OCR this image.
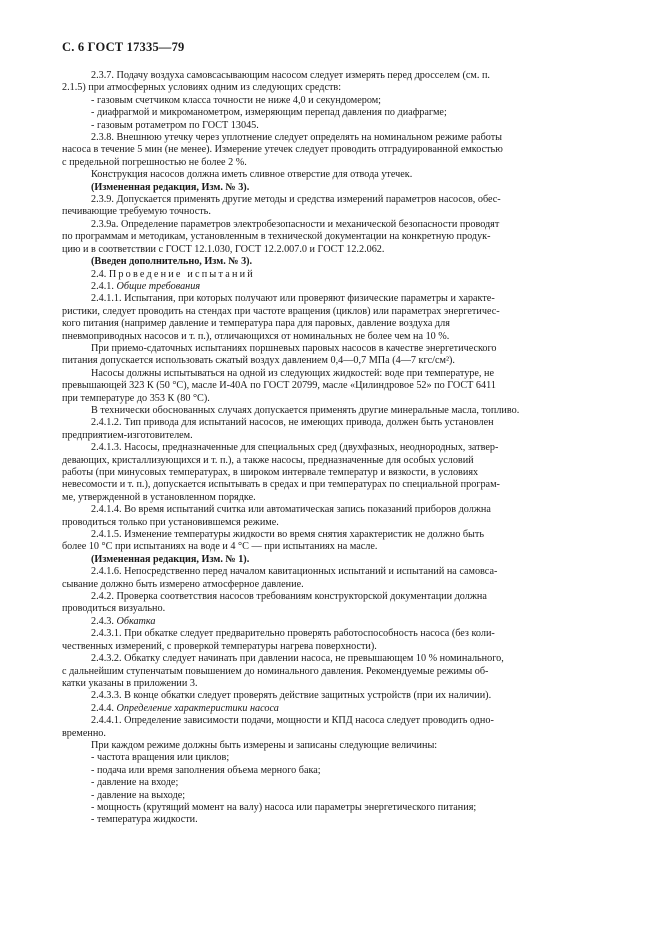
С. 6 ГОСТ 17335—79

2.3.7. Подачу воздуха самовсасывающим насосом следует измерять перед дросселем (см. п.
2.1.5) при атмосферных условиях одним из следующих средств:

- газовым счетчиком класса точности не ниже 4,0 и секундомером;

- диафрагмой и микроманометром, измеряющим перепад давления по диафрагме;

- газовым ротаметром по ГОСТ 13045.

2.3.8. Внешнюю утечку через уплотнение следует определять на номинальном режиме работы
насоса в течение 5 мин (не менее). Измерение утечек следует проводить отградуированной емкостью
с предельной погрешностью не более 2 %.

Конструкция насосов должна иметь сливное отверстие для отвода утечек.

(Измененная редакция, Изм. № 3).

2.3.9. Допускается применять другие методы и средства измерений параметров насосов, обес-
печивающие требуемую точность.

2.3.9а. Определение параметров электробезопасности и механической безопасности проводят
по программам и методикам, установленным в технической документации на конкретную продук-
цию и в соответствии с ГОСТ 12.1.030, ГОСТ 12.2.007.0 и ГОСТ 12.2.062.

(Введен дополнительно, Изм. № 3).

2.4. Проведение испытаний

2.4.1. Общие требования

2.4.1.1. Испытания, при которых получают или проверяют физические параметры и характе-
ристики, следует проводить на стендах при частоте вращения (циклов) или параметрах энергетичес-
кого питания (например давление и температура пара для паровых, давление воздуха для
пневмоприводных насосов и т. п.), отличающихся от номинальных не более чем на 10 %.

При приемо-сдаточных испытаниях поршневых паровых насосов в качестве энергетического
питания допускается использовать сжатый воздух давлением 0,4—0,7 МПа (4—7 кгс/см²).

Насосы должны испытываться на одной из следующих жидкостей: воде при температуре, не
превышающей 323 К (50 °С), масле И-40А по ГОСТ 20799, масле «Цилиндровое 52» по ГОСТ 6411
при температуре до 353 К (80 °С).

В технически обоснованных случаях допускается применять другие минеральные масла, топливо.

2.4.1.2. Тип привода для испытаний насосов, не имеющих привода, должен быть установлен
предприятием-изготовителем.

2.4.1.3. Насосы, предназначенные для специальных сред (двухфазных, неоднородных, затвер-
девающих, кристаллизующихся и т. п.), а также насосы, предназначенные для особых условий
работы (при минусовых температурах, в широком интервале температур и вязкости, в условиях
невесомости и т. п.), допускается испытывать в средах и при температурах по специальной програм-
ме, утвержденной в установленном порядке.

2.4.1.4. Во время испытаний считка или автоматическая запись показаний приборов должна
проводиться только при установившемся режиме.

2.4.1.5. Изменение температуры жидкости во время снятия характеристик не должно быть
более 10 °С при испытаниях на воде и 4 °С — при испытаниях на масле.

(Измененная редакция, Изм. № 1).

2.4.1.6. Непосредственно перед началом кавитационных испытаний и испытаний на самовса-
сывание должно быть измерено атмосферное давление.

2.4.2. Проверка соответствия насосов требованиям конструкторской документации должна
проводиться визуально.

2.4.3. Обкатка

2.4.3.1. При обкатке следует предварительно проверять работоспособность насоса (без коли-
чественных измерений, с проверкой температуры нагрева поверхности).

2.4.3.2. Обкатку следует начинать при давлении насоса, не превышающем 10 % номинального,
с дальнейшим ступенчатым повышением до номинального давления. Рекомендуемые режимы об-
катки указаны в приложении 3.

2.4.3.3. В конце обкатки следует проверять действие защитных устройств (при их наличии).

2.4.4. Определение характеристики насоса

2.4.4.1. Определение зависимости подачи, мощности и КПД насоса следует проводить одно-
временно.

При каждом режиме должны быть измерены и записаны следующие величины:

- частота вращения или циклов;

- подача или время заполнения объема мерного бака;

- давление на входе;

- давление на выходе;

- мощность (крутящий момент на валу) насоса или параметры энергетического питания;

- температура жидкости.
